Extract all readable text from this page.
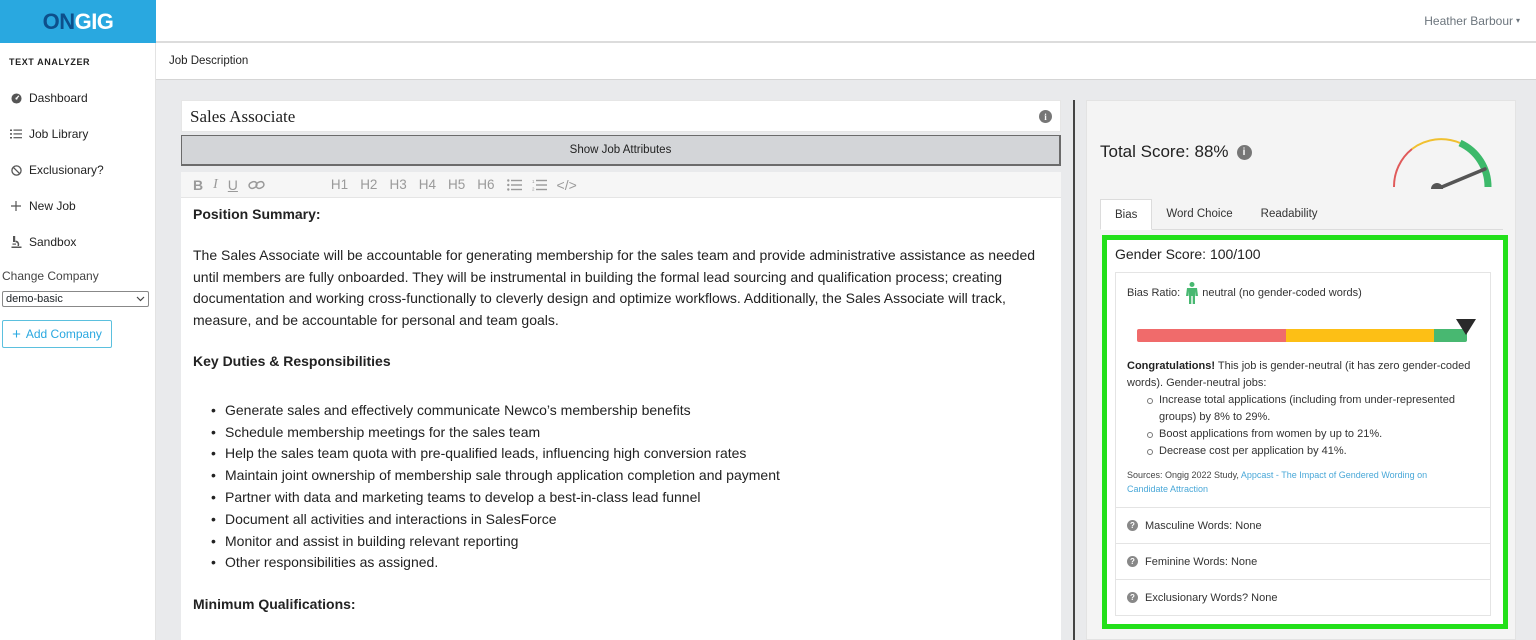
ON GIG	Heather Barbour ▾
TEXT ANALYZER
Dashboard
Job Library
Exclusionary?
New Job
Sandbox
Change Company
demo-basic
+ Add Company
Job Description
Sales Associate	i
Show Job Attributes
B I U	H1 H2 H3 H4 H5 H6	1
2 </>
Position Summary:

The Sales Associate will be accountable for generating membership for the sales team and provide administrative assistance as needed until members are fully onboarded. They will be instrumental in building the formal lead sourcing and qualification process; creating documentation and working cross-functionally to cleverly design and optimize workflows. Additionally, the Sales Associate will track, measure, and be accountable for personal and team goals.

Key Duties & Responsibilities
• Generate sales and effectively communicate Newco’s membership benefits
• Schedule membership meetings for the sales team
• Help the sales team quota with pre-qualified leads, influencing high conversion rates
• Maintain joint ownership of membership sale through application completion and payment
• Partner with data and marketing teams to develop a best-in-class lead funnel
• Document all activities and interactions in SalesForce
• Monitor and assist in building relevant reporting
• Other responsibilities as assigned.
Minimum Qualifications:
Total Score: 88%	i
Bias	Word Choice	Readability
Gender Score: 100/100
Bias Ratio: neutral (no gender-coded words)
Congratulations! This job is gender-neutral (it has zero gender-coded words). Gender-neutral jobs:
Increase total applications (including from under-represented groups) by 8% to 29%.
Boost applications from women by up to 21%.
Decrease cost per application by 41%.
Sources: Ongig 2022 Study, Appcast - The Impact of Gendered Wording on Candidate Attraction
? Masculine Words: None
? Feminine Words: None
? Exclusionary Words? None
